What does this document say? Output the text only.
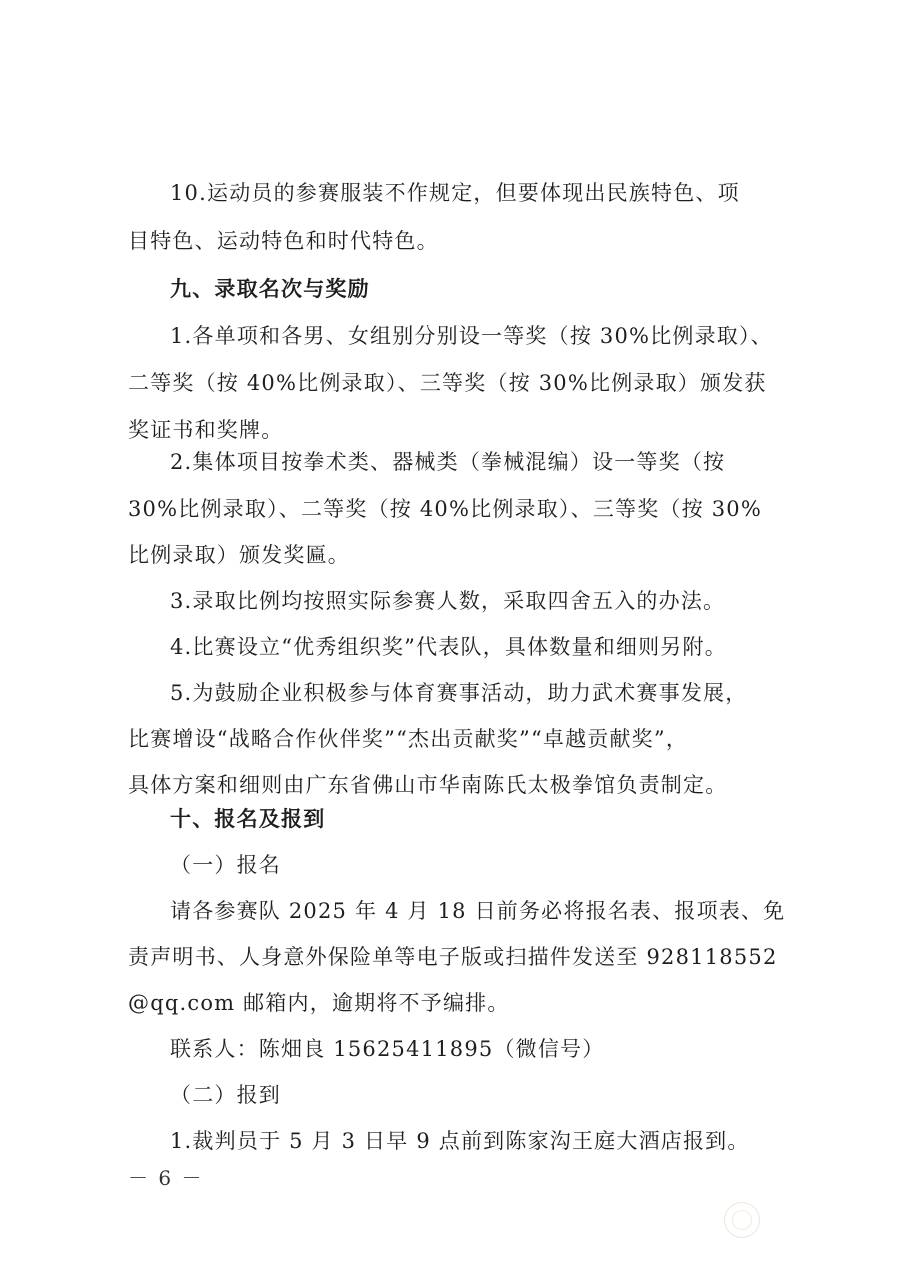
10.运动员的参赛服装不作规定，但要体现出民族特色、项
目特色、运动特色和时代特色。
九、录取名次与奖励
1.各单项和各男、女组别分别设一等奖（按 30%比例录取）、
二等奖（按 40%比例录取）、三等奖（按 30%比例录取）颁发获
奖证书和奖牌。
2.集体项目按拳术类、器械类（拳械混编）设一等奖（按
30%比例录取）、二等奖（按 40%比例录取）、三等奖（按 30%
比例录取）颁发奖匾。
3.录取比例均按照实际参赛人数，采取四舍五入的办法。
4.比赛设立“优秀组织奖”代表队，具体数量和细则另附。
5.为鼓励企业积极参与体育赛事活动，助力武术赛事发展，
比赛增设“战略合作伙伴奖”“杰出贡献奖”“卓越贡献奖”，
具体方案和细则由广东省佛山市华南陈氏太极拳馆负责制定。
十、报名及报到
（一）报名
请各参赛队 2025 年 4 月 18 日前务必将报名表、报项表、免
责声明书、人身意外保险单等电子版或扫描件发送至 928118552
@qq.com 邮箱内，逾期将不予编排。
联系人：陈畑良 15625411895（微信号）
（二）报到
1.裁判员于 5 月 3 日早 9 点前到陈家沟王庭大酒店报到。
－ 6 －
